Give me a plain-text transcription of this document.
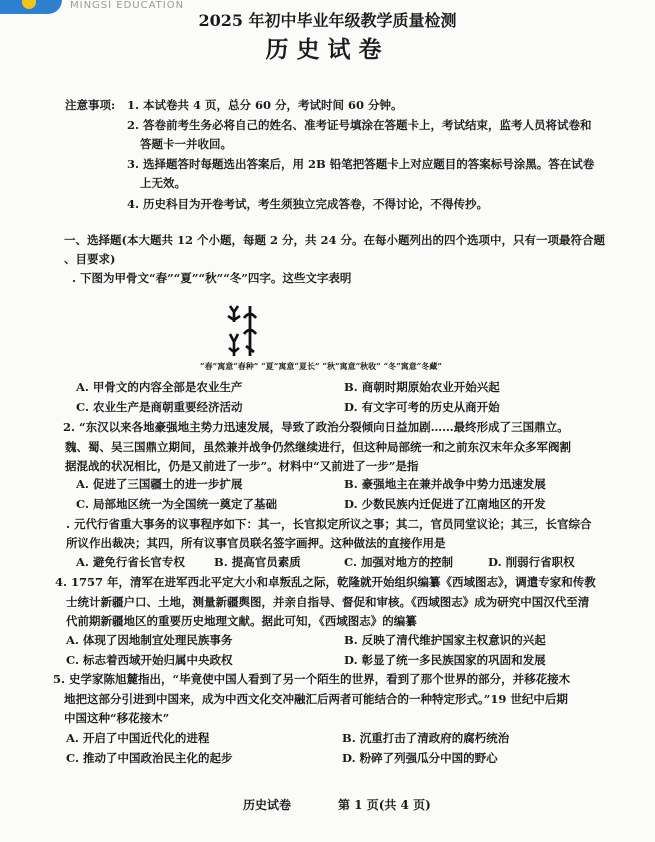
MINGSI EDUCATION
2025 年初中毕业年级教学质量检测
历史试卷
注意事项: 1. 本试卷共 4 页，总分 60 分，考试时间 60 分钟。
2. 答卷前考生务必将自己的姓名、准考证号填涂在答题卡上，考试结束，监考人员将试卷和
答题卡一并收回。
3. 选择题答时每题选出答案后，用 2B 铅笔把答题卡上对应题目的答案标号涂黑。答在试卷
上无效。
4. 历史科目为开卷考试，考生须独立完成答卷，不得讨论，不得传抄。
一、选择题(本大题共 12 个小题，每题 2 分，共 24 分。在每小题列出的四个选项中，只有一项最符合题
、目要求)
. 下图为甲骨文“春”“夏”“秋”“冬”四字。这些文字表明
“春”寓意“春种” “夏”寓意“夏长” “秋”寓意“秋收” “冬”寓意“冬藏”
A. 甲骨文的内容全部是农业生产	B. 商朝时期原始农业开始兴起
C. 农业生产是商朝重要经济活动	D. 有文字可考的历史从商开始
2. “东汉以来各地豪强地主势力迅速发展，导致了政治分裂倾向日益加剧……最终形成了三国鼎立。
魏、蜀、吴三国鼎立期间，虽然兼并战争仍然继续进行，但这种局部统一和之前东汉末年众多军阀割
据混战的状况相比，仍是又前进了一步”。材料中“又前进了一步”是指
A. 促进了三国疆土的进一步扩展	B. 豪强地主在兼并战争中势力迅速发展
C. 局部地区统一为全国统一奠定了基础	D. 少数民族内迁促进了江南地区的开发
. 元代行省重大事务的议事程序如下：其一，长官拟定所议之事；其二，官员同堂议论；其三，长官综合
所议作出裁决；其四，所有议事官员联名签字画押。这种做法的直接作用是
A. 避免行省长官专权	B. 提高官员素质	C. 加强对地方的控制	D. 削弱行省职权
4. 1757 年，清军在进军西北平定大小和卓叛乱之际，乾隆就开始组织编纂《西域图志》，调遣专家和传教
士统计新疆户口、土地，测量新疆舆图，并亲自指导、督促和审核。《西域图志》成为研究中国汉代至清
代前期新疆地区的重要历史地理文献。据此可知，《西域图志》的编纂
A. 体现了因地制宜处理民族事务	B. 反映了清代维护国家主权意识的兴起
C. 标志着西域开始归属中央政权	D. 彰显了统一多民族国家的巩固和发展
5. 史学家陈旭麓指出，“毕竟使中国人看到了另一个陌生的世界，看到了那个世界的部分，并移花接木
地把这部分引进到中国来，成为中西文化交冲融汇后两者可能结合的一种特定形式。”19 世纪中后期
中国这种“移花接木”
A. 开启了中国近代化的进程	B. 沉重打击了清政府的腐朽统治
C. 推动了中国政治民主化的起步	D. 粉碎了列强瓜分中国的野心
历史试卷	第 1 页(共 4 页)
